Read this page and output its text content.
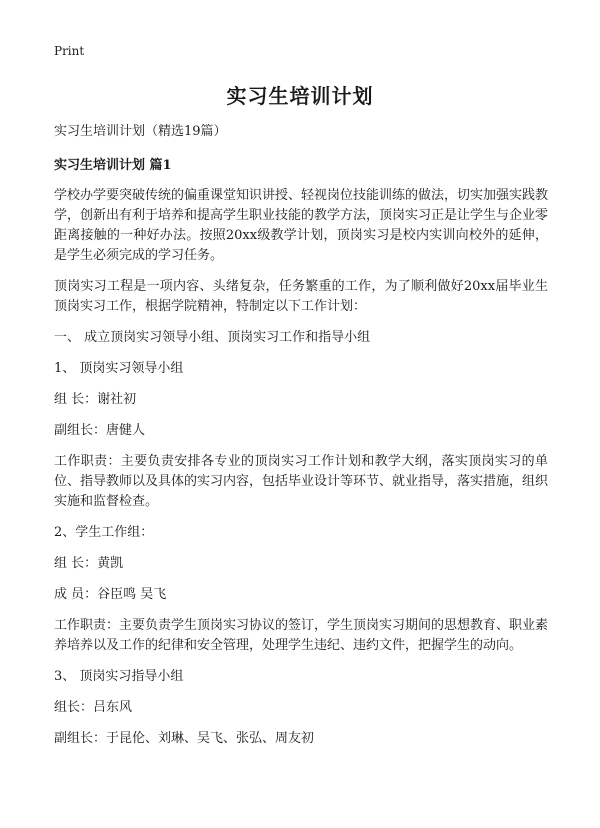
Print
实习生培训计划

实习生培训计划（精选19篇）

实习生培训计划 篇1

学校办学要突破传统的偏重课堂知识讲授、轻视岗位技能训练的做法，切实加强实践教学，创新出有利于培养和提高学生职业技能的教学方法，顶岗实习正是让学生与企业零距离接触的一种好办法。按照20xx级教学计划，顶岗实习是校内实训向校外的延伸，是学生必须完成的学习任务。

顶岗实习工程是一项内容、头绪复杂，任务繁重的工作，为了顺利做好20xx届毕业生顶岗实习工作，根据学院精神，特制定以下工作计划：

一、 成立顶岗实习领导小组、顶岗实习工作和指导小组

1、 顶岗实习领导小组

组 长：谢社初

副组长：唐健人

工作职责：主要负责安排各专业的顶岗实习工作计划和教学大纲，落实顶岗实习的单位、指导教师以及具体的实习内容，包括毕业设计等环节、就业指导，落实措施，组织实施和监督检查。

2、学生工作组：

组 长：黄凯

成 员：谷臣鸣 吴飞

工作职责：主要负责学生顶岗实习协议的签订，学生顶岗实习期间的思想教育、职业素养培养以及工作的纪律和安全管理，处理学生违纪、违约文件，把握学生的动向。

3、 顶岗实习指导小组

组长：吕东风

副组长：于昆伦、刘琳、吴飞、张弘、周友初
